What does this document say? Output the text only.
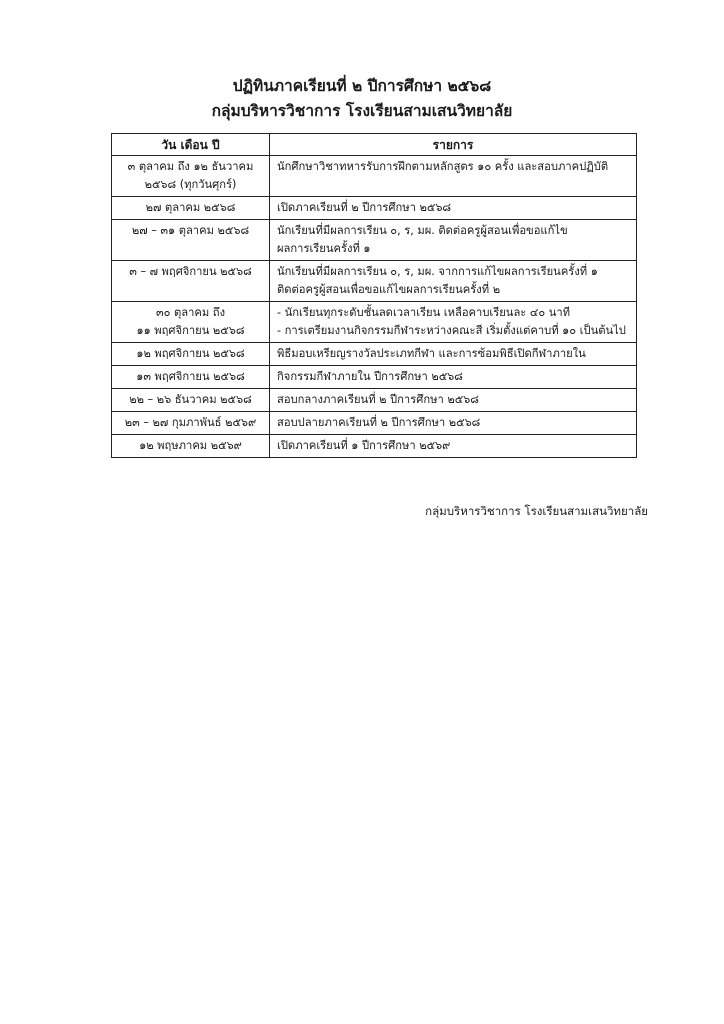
ปฏิทินภาคเรียนที่ ๒ ปีการศึกษา ๒๕๖๘
กลุ่มบริหารวิชาการ โรงเรียนสามเสนวิทยาลัย
วัน เดือน ปี	รายการ

๓ ตุลาคม ถึง ๑๒ ธันวาคม
๒๕๖๘ (ทุกวันศุกร์)	นักศึกษาวิชาทหารรับการฝึกตามหลักสูตร ๑๐ ครั้ง และสอบภาคปฏิบัติ

๒๗ ตุลาคม ๒๕๖๘	เปิดภาคเรียนที่ ๒ ปีการศึกษา ๒๕๖๘

๒๗ – ๓๑ ตุลาคม ๒๕๖๘	นักเรียนที่มีผลการเรียน ๐, ร, มผ. ติดต่อครูผู้สอนเพื่อขอแก้ไข
ผลการเรียนครั้งที่ ๑

๓ – ๗ พฤศจิกายน ๒๕๖๘	นักเรียนที่มีผลการเรียน ๐, ร, มผ. จากการแก้ไขผลการเรียนครั้งที่ ๑
ติดต่อครูผู้สอนเพื่อขอแก้ไขผลการเรียนครั้งที่ ๒

๓๐ ตุลาคม ถึง
๑๑ พฤศจิกายน ๒๕๖๘	- นักเรียนทุกระดับชั้นลดเวลาเรียน เหลือคาบเรียนละ ๔๐ นาที
- การเตรียมงานกิจกรรมกีฬาระหว่างคณะสี เริ่มตั้งแต่คาบที่ ๑๐ เป็นต้นไป

๑๒ พฤศจิกายน ๒๕๖๘	พิธีมอบเหรียญรางวัลประเภทกีฬา และการซ้อมพิธีเปิดกีฬาภายใน

๑๓ พฤศจิกายน ๒๕๖๘	กิจกรรมกีฬาภายใน ปีการศึกษา ๒๕๖๘

๒๒ – ๒๖ ธันวาคม ๒๕๖๘	สอบกลางภาคเรียนที่ ๒ ปีการศึกษา ๒๕๖๘

๒๓ – ๒๗ กุมภาพันธ์ ๒๕๖๙	สอบปลายภาคเรียนที่ ๒ ปีการศึกษา ๒๕๖๘

๑๒ พฤษภาคม ๒๕๖๙	เปิดภาคเรียนที่ ๑ ปีการศึกษา ๒๕๖๙
กลุ่มบริหารวิชาการ โรงเรียนสามเสนวิทยาลัย
